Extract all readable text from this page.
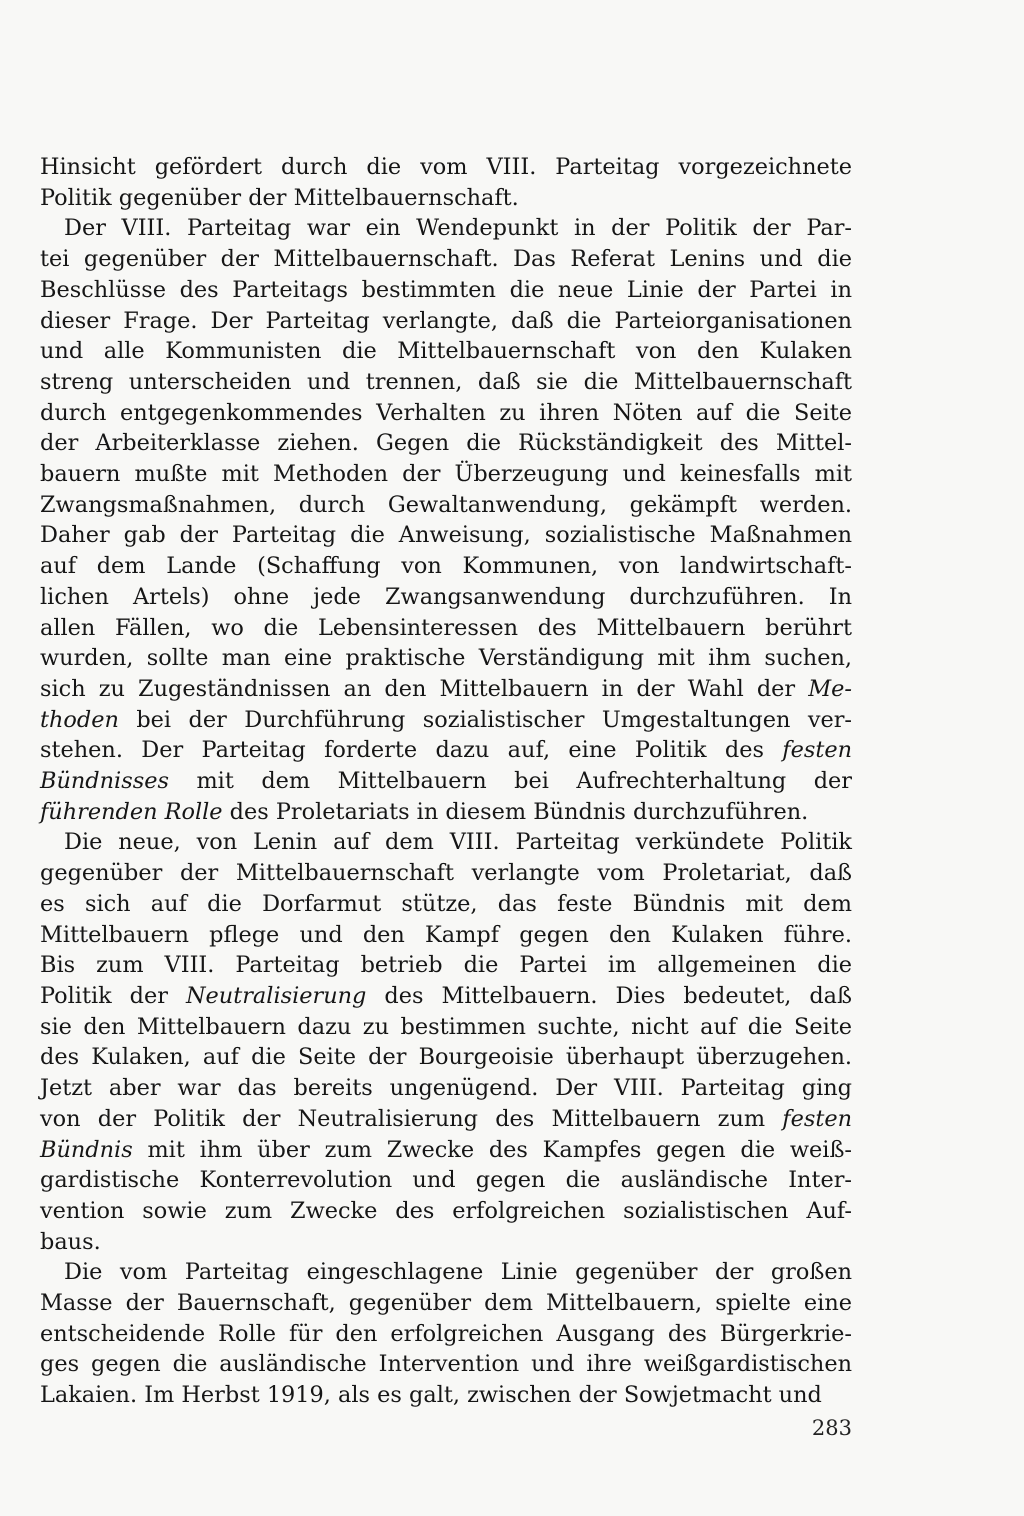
Hinsicht gefördert durch die vom VIII. Parteitag vorgezeichnete
Politik gegenüber der Mittelbauernschaft.
Der VIII. Parteitag war ein Wendepunkt in der Politik der Par-
tei gegenüber der Mittelbauernschaft. Das Referat Lenins und die
Beschlüsse des Parteitags bestimmten die neue Linie der Partei in
dieser Frage. Der Parteitag verlangte, daß die Parteiorganisationen
und alle Kommunisten die Mittelbauernschaft von den Kulaken
streng unterscheiden und trennen, daß sie die Mittelbauernschaft
durch entgegenkommendes Verhalten zu ihren Nöten auf die Seite
der Arbeiterklasse ziehen. Gegen die Rückständigkeit des Mittel-
bauern mußte mit Methoden der Überzeugung und keinesfalls mit
Zwangsmaßnahmen, durch Gewaltanwendung, gekämpft werden.
Daher gab der Parteitag die Anweisung, sozialistische Maßnahmen
auf dem Lande (Schaffung von Kommunen, von landwirtschaft-
lichen Artels) ohne jede Zwangsanwendung durchzuführen. In
allen Fällen, wo die Lebensinteressen des Mittelbauern berührt
wurden, sollte man eine praktische Verständigung mit ihm suchen,
sich zu Zugeständnissen an den Mittelbauern in der Wahl der Me-
thoden bei der Durchführung sozialistischer Umgestaltungen ver-
stehen. Der Parteitag forderte dazu auf, eine Politik des festen
Bündnisses mit dem Mittelbauern bei Aufrechterhaltung der
führenden Rolle des Proletariats in diesem Bündnis durchzuführen.
Die neue, von Lenin auf dem VIII. Parteitag verkündete Politik
gegenüber der Mittelbauernschaft verlangte vom Proletariat, daß
es sich auf die Dorfarmut stütze, das feste Bündnis mit dem
Mittelbauern pflege und den Kampf gegen den Kulaken führe.
Bis zum VIII. Parteitag betrieb die Partei im allgemeinen die
Politik der Neutralisierung des Mittelbauern. Dies bedeutet, daß
sie den Mittelbauern dazu zu bestimmen suchte, nicht auf die Seite
des Kulaken, auf die Seite der Bourgeoisie überhaupt überzugehen.
Jetzt aber war das bereits ungenügend. Der VIII. Parteitag ging
von der Politik der Neutralisierung des Mittelbauern zum festen
Bündnis mit ihm über zum Zwecke des Kampfes gegen die weiß-
gardistische Konterrevolution und gegen die ausländische Inter-
vention sowie zum Zwecke des erfolgreichen sozialistischen Auf-
baus.
Die vom Parteitag eingeschlagene Linie gegenüber der großen
Masse der Bauernschaft, gegenüber dem Mittelbauern, spielte eine
entscheidende Rolle für den erfolgreichen Ausgang des Bürgerkrie-
ges gegen die ausländische Intervention und ihre weißgardistischen
Lakaien. Im Herbst 1919, als es galt, zwischen der Sowjetmacht und
283
